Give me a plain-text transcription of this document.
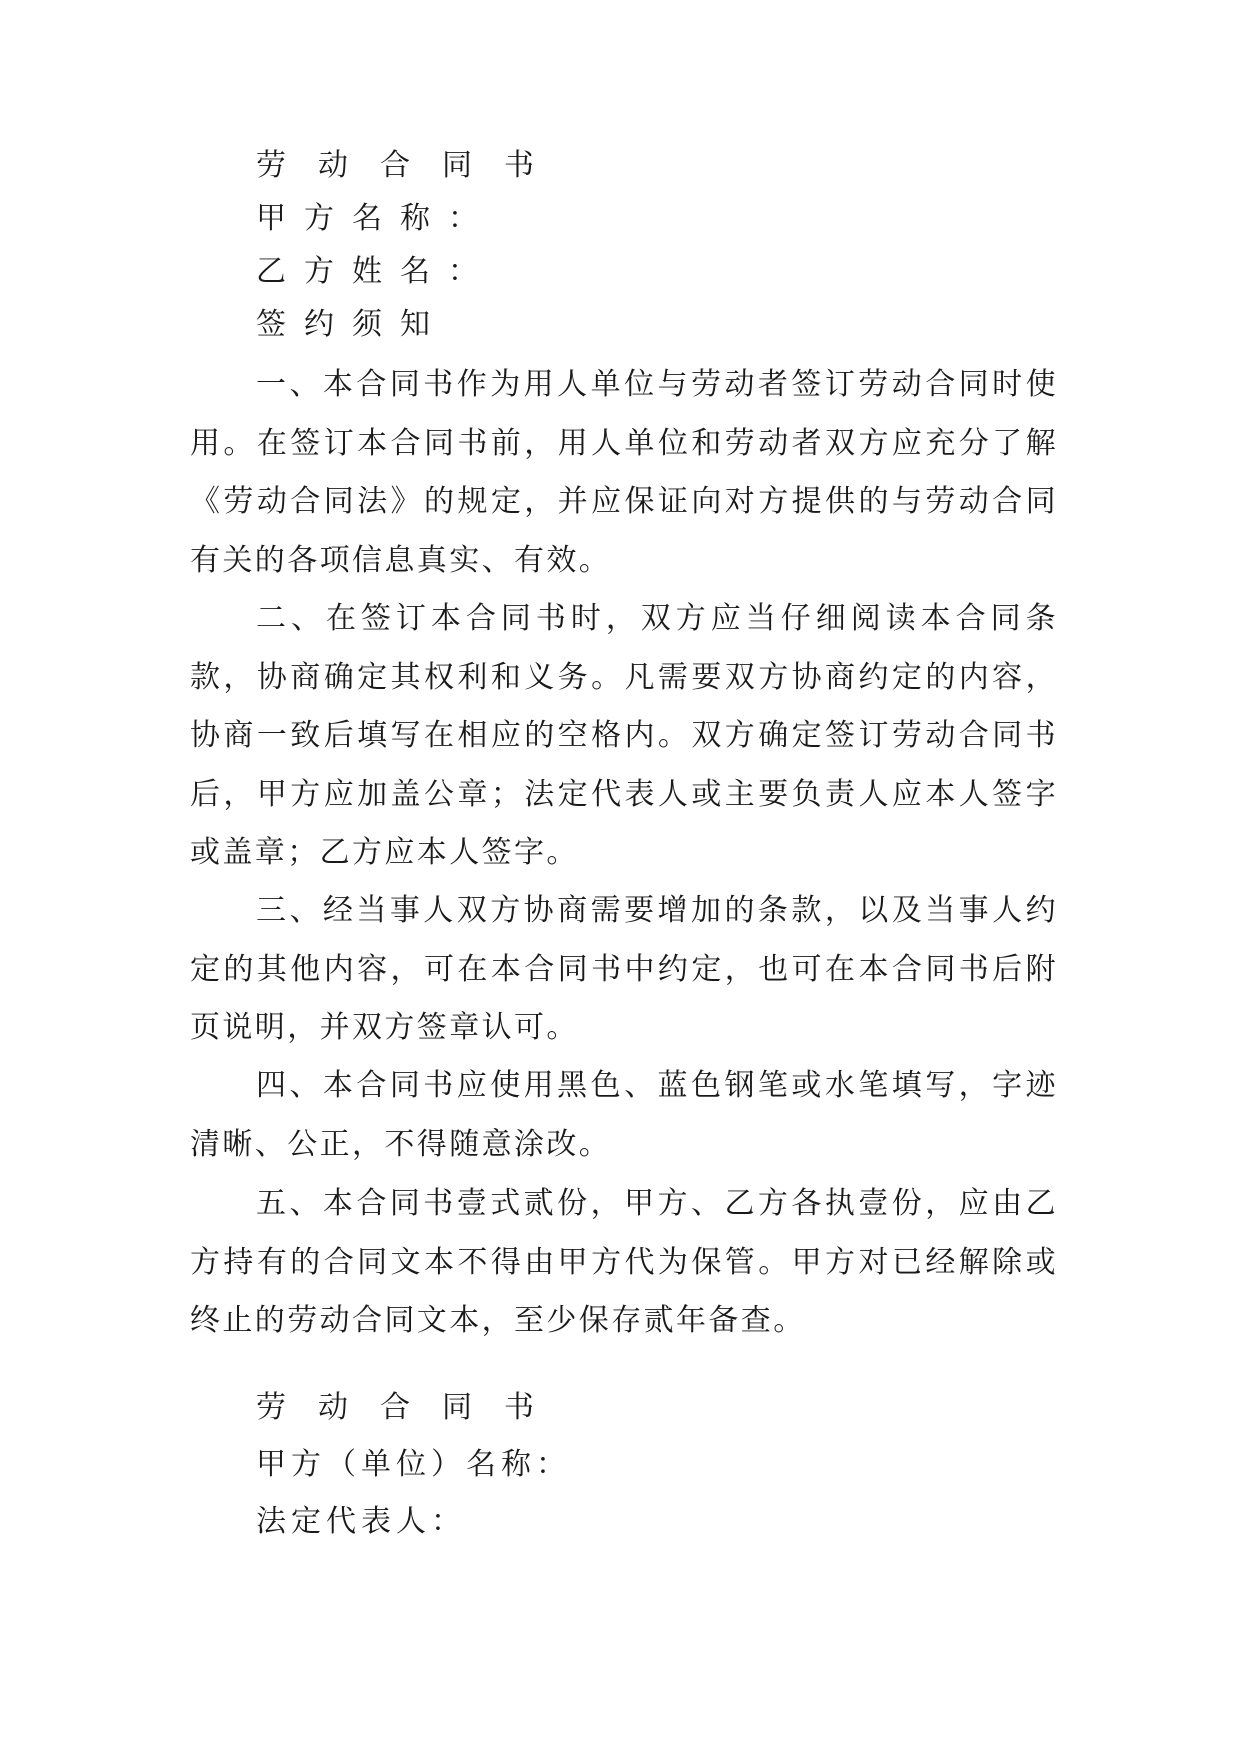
劳动合同书
甲方名称：
乙方姓名：
签约须知

一、本合同书作为用人单位与劳动者签订劳动合同时使用。在签订本合同书前，用人单位和劳动者双方应充分了解《劳动合同法》的规定，并应保证向对方提供的与劳动合同有关的各项信息真实、有效。

二、在签订本合同书时，双方应当仔细阅读本合同条款，协商确定其权利和义务。凡需要双方协商约定的内容，协商一致后填写在相应的空格内。双方确定签订劳动合同书后，甲方应加盖公章；法定代表人或主要负责人应本人签字或盖章；乙方应本人签字。

三、经当事人双方协商需要增加的条款，以及当事人约定的其他内容，可在本合同书中约定，也可在本合同书后附页说明，并双方签章认可。

四、本合同书应使用黑色、蓝色钢笔或水笔填写，字迹清晰、公正，不得随意涂改。

五、本合同书壹式贰份，甲方、乙方各执壹份，应由乙方持有的合同文本不得由甲方代为保管。甲方对已经解除或终止的劳动合同文本，至少保存贰年备查。

劳动合同书
甲方（单位）名称：
法定代表人：
